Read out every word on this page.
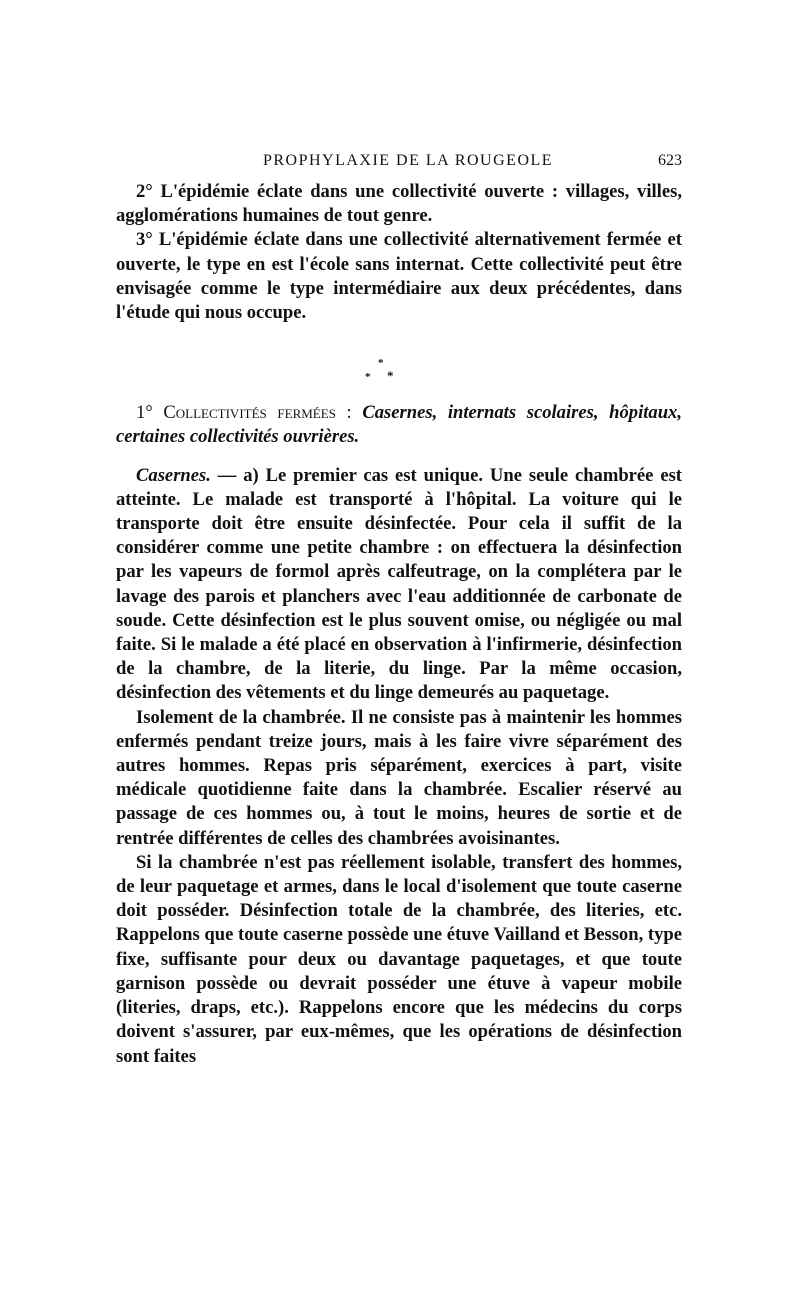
PROPHYLAXIE DE LA ROUGEOLE	623

2° L'épidémie éclate dans une collectivité ouverte : villages, villes, agglomérations humaines de tout genre.

3° L'épidémie éclate dans une collectivité alternativement fermée et ouverte, le type en est l'école sans internat. Cette collectivité peut être envisagée comme le type intermédiaire aux deux précédentes, dans l'étude qui nous occupe.

*
* *

1° Collectivités fermées : Casernes, internats scolaires, hôpitaux, certaines collectivités ouvrières.

Casernes. — a) Le premier cas est unique. Une seule chambrée est atteinte. Le malade est transporté à l'hôpital. La voiture qui le transporte doit être ensuite désinfectée. Pour cela il suffit de la considérer comme une petite chambre : on effectuera la désinfection par les vapeurs de formol après calfeutrage, on la complétera par le lavage des parois et planchers avec l'eau additionnée de carbonate de soude. Cette désinfection est le plus souvent omise, ou négligée ou mal faite. Si le malade a été placé en observation à l'infirmerie, désinfection de la chambre, de la literie, du linge. Par la même occasion, désinfection des vêtements et du linge demeurés au paquetage.

Isolement de la chambrée. Il ne consiste pas à maintenir les hommes enfermés pendant treize jours, mais à les faire vivre séparément des autres hommes. Repas pris séparément, exercices à part, visite médicale quotidienne faite dans la chambrée. Escalier réservé au passage de ces hommes ou, à tout le moins, heures de sortie et de rentrée différentes de celles des chambrées avoisinantes.

Si la chambrée n'est pas réellement isolable, transfert des hommes, de leur paquetage et armes, dans le local d'isolement que toute caserne doit posséder. Désinfection totale de la chambrée, des literies, etc. Rappelons que toute caserne possède une étuve Vailland et Besson, type fixe, suffisante pour deux ou davantage paquetages, et que toute garnison possède ou devrait posséder une étuve à vapeur mobile (literies, draps, etc.). Rappelons encore que les médecins du corps doivent s'assurer, par eux-mêmes, que les opérations de désinfection sont faites
